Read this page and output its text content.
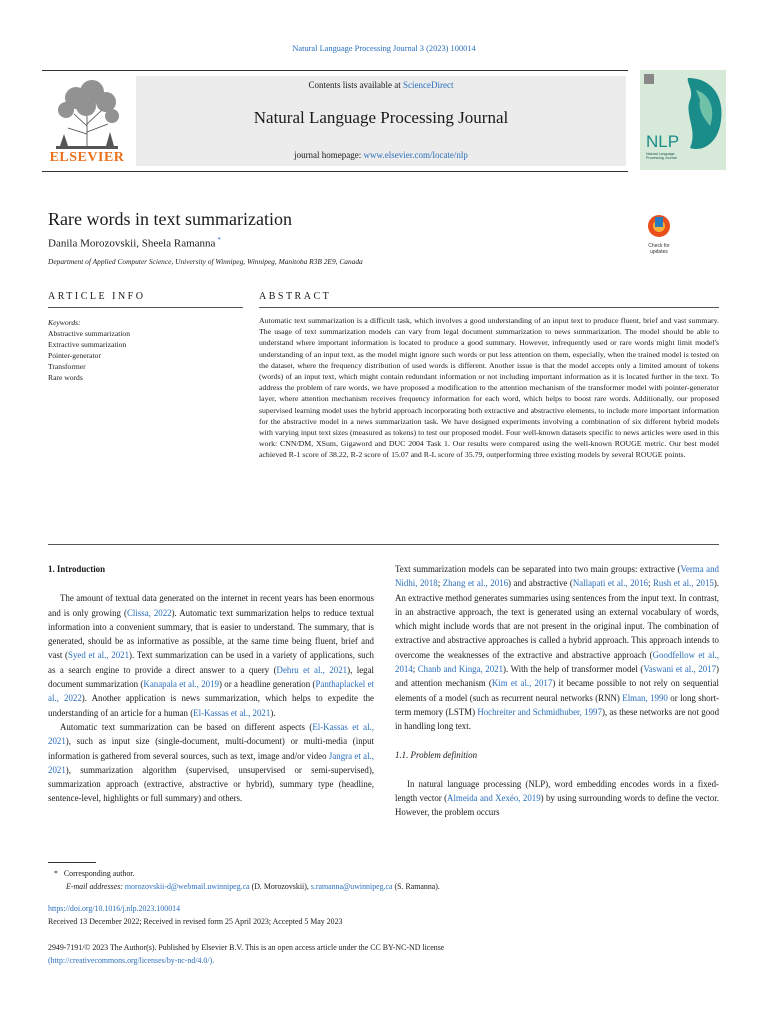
Natural Language Processing Journal 3 (2023) 100014
ELSEVIER
Contents lists available at ScienceDirect
Natural Language Processing Journal
journal homepage: www.elsevier.com/locate/nlp
NLP
Natural Language Processing Journal
Rare words in text summarization
Danila Morozovskii, Sheela Ramanna *
Department of Applied Computer Science, University of Winnipeg, Winnipeg, Manitoba R3B 2E9, Canada
Check for updates
ARTICLE INFO	ABSTRACT
Keywords:
Abstractive summarization
Extractive summarization
Pointer-generator
Transformer
Rare words
Automatic text summarization is a difficult task, which involves a good understanding of an input text to produce fluent, brief and vast summary. The usage of text summarization models can vary from legal document summarization to news summarization. The model should be able to understand where important information is located to produce a good summary. However, infrequently used or rare words might limit model's understanding of an input text, as the model might ignore such words or put less attention on them, especially, when the trained model is tested on the dataset, where the frequency distribution of used words is different. Another issue is that the model accepts only a limited amount of tokens (words) of an input text, which might contain redundant information or not including important information as it is located further in the text. To address the problem of rare words, we have proposed a modification to the attention mechanism of the transformer model with pointer-generator layer, where attention mechanism receives frequency information for each word, which helps to boost rare words. Additionally, our proposed supervised learning model uses the hybrid approach incorporating both extractive and abstractive elements, to include more important information for the abstractive model in a news summarization task. We have designed experiments involving a combination of six different hybrid models with varying input text sizes (measured as tokens) to test our proposed model. Four well-known datasets specific to news articles were used in this work: CNN/DM, XSum, Gigaword and DUC 2004 Task 1. Our results were compared using the well-known ROUGE metric. Our best model achieved R-1 score of 38.22, R-2 score of 15.07 and R-L score of 35.79, outperforming three existing models by several ROUGE points.
1. Introduction

The amount of textual data generated on the internet in recent years has been enormous and is only growing (Clissa, 2022). Automatic text summarization helps to reduce textual information into a convenient summary, that is easier to understand. The summary, that is generated, should be as informative as possible, at the same time being fluent, brief and vast (Syed et al., 2021). Text summarization can be used in a variety of applications, such as a search engine to provide a direct answer to a query (Dehru et al., 2021), legal document summarization (Kanapala et al., 2019) or a headline generation (Panthaplackel et al., 2022). Another application is news summarization, which helps to expedite the understanding of an article for a human (El-Kassas et al., 2021).

Automatic text summarization can be based on different aspects (El-Kassas et al., 2021), such as input size (single-document, multi-document) or multi-media (input information is gathered from several sources, such as text, image and/or video Jangra et al., 2021), summarization algorithm (supervised, unsupervised or semi-supervised), summarization approach (extractive, abstractive or hybrid), summary type (headline, sentence-level, highlights or full summary) and others.

Text summarization models can be separated into two main groups: extractive (Verma and Nidhi, 2018; Zhang et al., 2016) and abstractive (Nallapati et al., 2016; Rush et al., 2015). An extractive method generates summaries using sentences from the input text. In contrast, in an abstractive approach, the text is generated using an external vocabulary of words, which might include words that are not present in the original input. The combination of extractive and abstractive approaches is called a hybrid approach. This approach intends to overcome the weaknesses of the extractive and abstractive approach (Goodfellow et al., 2014; Chanb and Kinga, 2021). With the help of transformer model (Vaswani et al., 2017) and attention mechanism (Kim et al., 2017) it became possible to not rely on sequential elements of a model (such as recurrent neural networks (RNN) Elman, 1990 or long short-term memory (LSTM) Hochreiter and Schmidhuber, 1997), as these networks are not good in handling long text.

1.1. Problem definition

In natural language processing (NLP), word embedding encodes words in a fixed-length vector (Almeida and Xexéo, 2019) by using surrounding words to define the vector. However, the problem occurs

* Corresponding author.
E-mail addresses: morozovskii-d@webmail.uwinnipeg.ca (D. Morozovskii), s.ramanna@uwinnipeg.ca (S. Ramanna).
https://doi.org/10.1016/j.nlp.2023.100014
Received 13 December 2022; Received in revised form 25 April 2023; Accepted 5 May 2023
2949-7191/© 2023 The Author(s). Published by Elsevier B.V. This is an open access article under the CC BY-NC-ND license
(http://creativecommons.org/licenses/by-nc-nd/4.0/).
